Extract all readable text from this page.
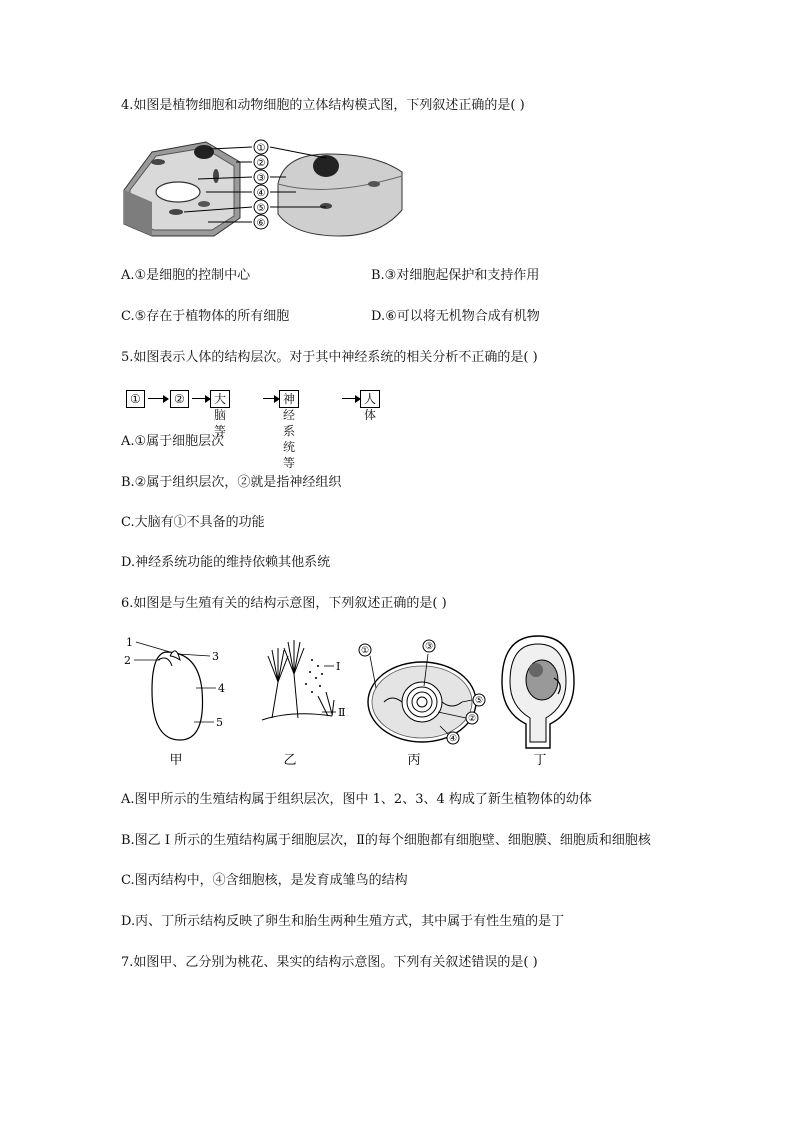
4.如图是植物细胞和动物细胞的立体结构模式图，下列叙述正确的是( )
①
②
③
④
⑤
⑥
A.①是细胞的控制中心	B.③对细胞起保护和支持作用
C.⑤存在于植物体的所有细胞	D.⑥可以将无机物合成有机物
5.如图表示人体的结构层次。对于其中神经系统的相关分析不正确的是( )
①	②	大脑等
神经系统等
人体
A.①属于细胞层次
B.②属于组织层次，②就是指神经组织
C.大脑有①不具备的功能
D.神经系统功能的维持依赖其他系统
6.如图是与生殖有关的结构示意图，下列叙述正确的是( )
1
2	3
4
5
I
Ⅱ
①	③
⑤
②
④
甲	乙	丙	丁
A.图甲所示的生殖结构属于组织层次，图中 1、2、3、4 构成了新生植物体的幼体
B.图乙 I 所示的生殖结构属于细胞层次，Ⅱ的每个细胞都有细胞壁、细胞膜、细胞质和细胞核
C.图丙结构中，④含细胞核，是发育成雏鸟的结构
D.丙、丁所示结构反映了卵生和胎生两种生殖方式，其中属于有性生殖的是丁
7.如图甲、乙分别为桃花、果实的结构示意图。下列有关叙述错误的是( )
